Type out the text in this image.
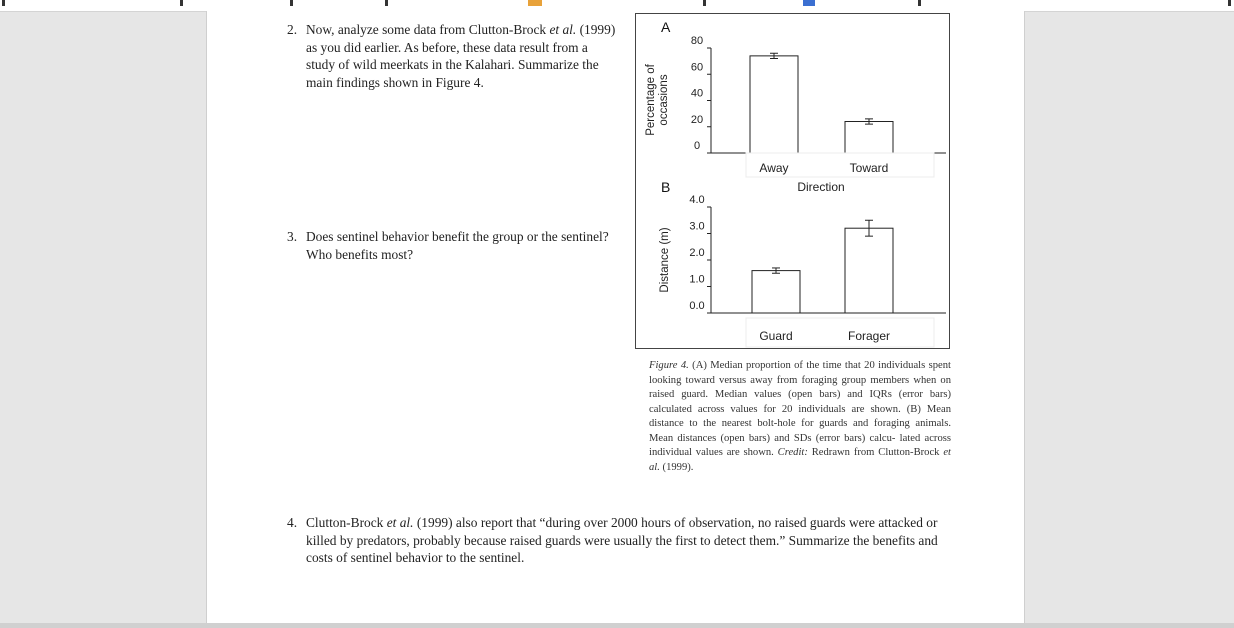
2. Now, analyze some data from Clutton-Brock et al. (1999) as you did earlier. As before, these data result from a study of wild meerkats in the Kalahari. Summarize the main findings shown in Figure 4.
3. Does sentinel behavior benefit the group or the sentinel? Who benefits most?
4. Clutton-Brock et al. (1999) also report that “during over 2000 hours of observation, no raised guards were attacked or killed by predators, probably because raised guards were usually the first to detect them.” Summarize the benefits and costs of sentinel behavior to the sentinel.
A
0
20
40
60
80
Percentage ofoccasions
Away	Toward
Direction
B
0.0
1.0
2.0
3.0
4.0
Distance (m)
Guard	Forager
Figure 4. (A) Median proportion of the time that 20 individuals spent looking toward versus away from foraging group members when on raised guard. Median values (open bars) and IQRs (error bars) calculated across values for 20 individuals are shown. (B) Mean distance to the nearest bolt-hole for guards and foraging animals. Mean distances (open bars) and SDs (error bars) calcu- lated across individual values are shown. Credit: Redrawn from Clutton-Brock et al. (1999).
